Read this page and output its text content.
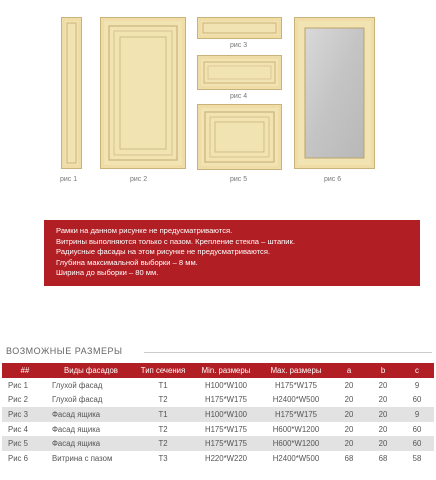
рис 1	рис 2
рис 3
рис 4
рис 5	рис 6
Рамки на данном рисунке не предусматриваются.
Витрины выполняются только с пазом. Крепление стекла – штапик.
Радиусные фасады на этом рисунке не предусматриваются.
Глубина максимальной выборки – 8 мм.
Ширина до выборки – 80 мм.
ВОЗМОЖНЫЕ РАЗМЕРЫ
##	Виды фасадов	Тип сечения	Min. размеры	Max. размеры	a	b	c
Рис 1	Глухой фасад	T1	H100*W100	H175*W175	20	20	9
Рис 2	Глухой фасад	T2	H175*W175	H2400*W500	20	20	60
Рис 3	Фасад ящика	T1	H100*W100	H175*W175	20	20	9
Рис 4	Фасад ящика	T2	H175*W175	H600*W1200	20	20	60
Рис 5	Фасад ящика	T2	H175*W175	H600*W1200	20	20	60
Рис 6	Витрина с пазом	T3	H220*W220	H2400*W500	68	68	58
